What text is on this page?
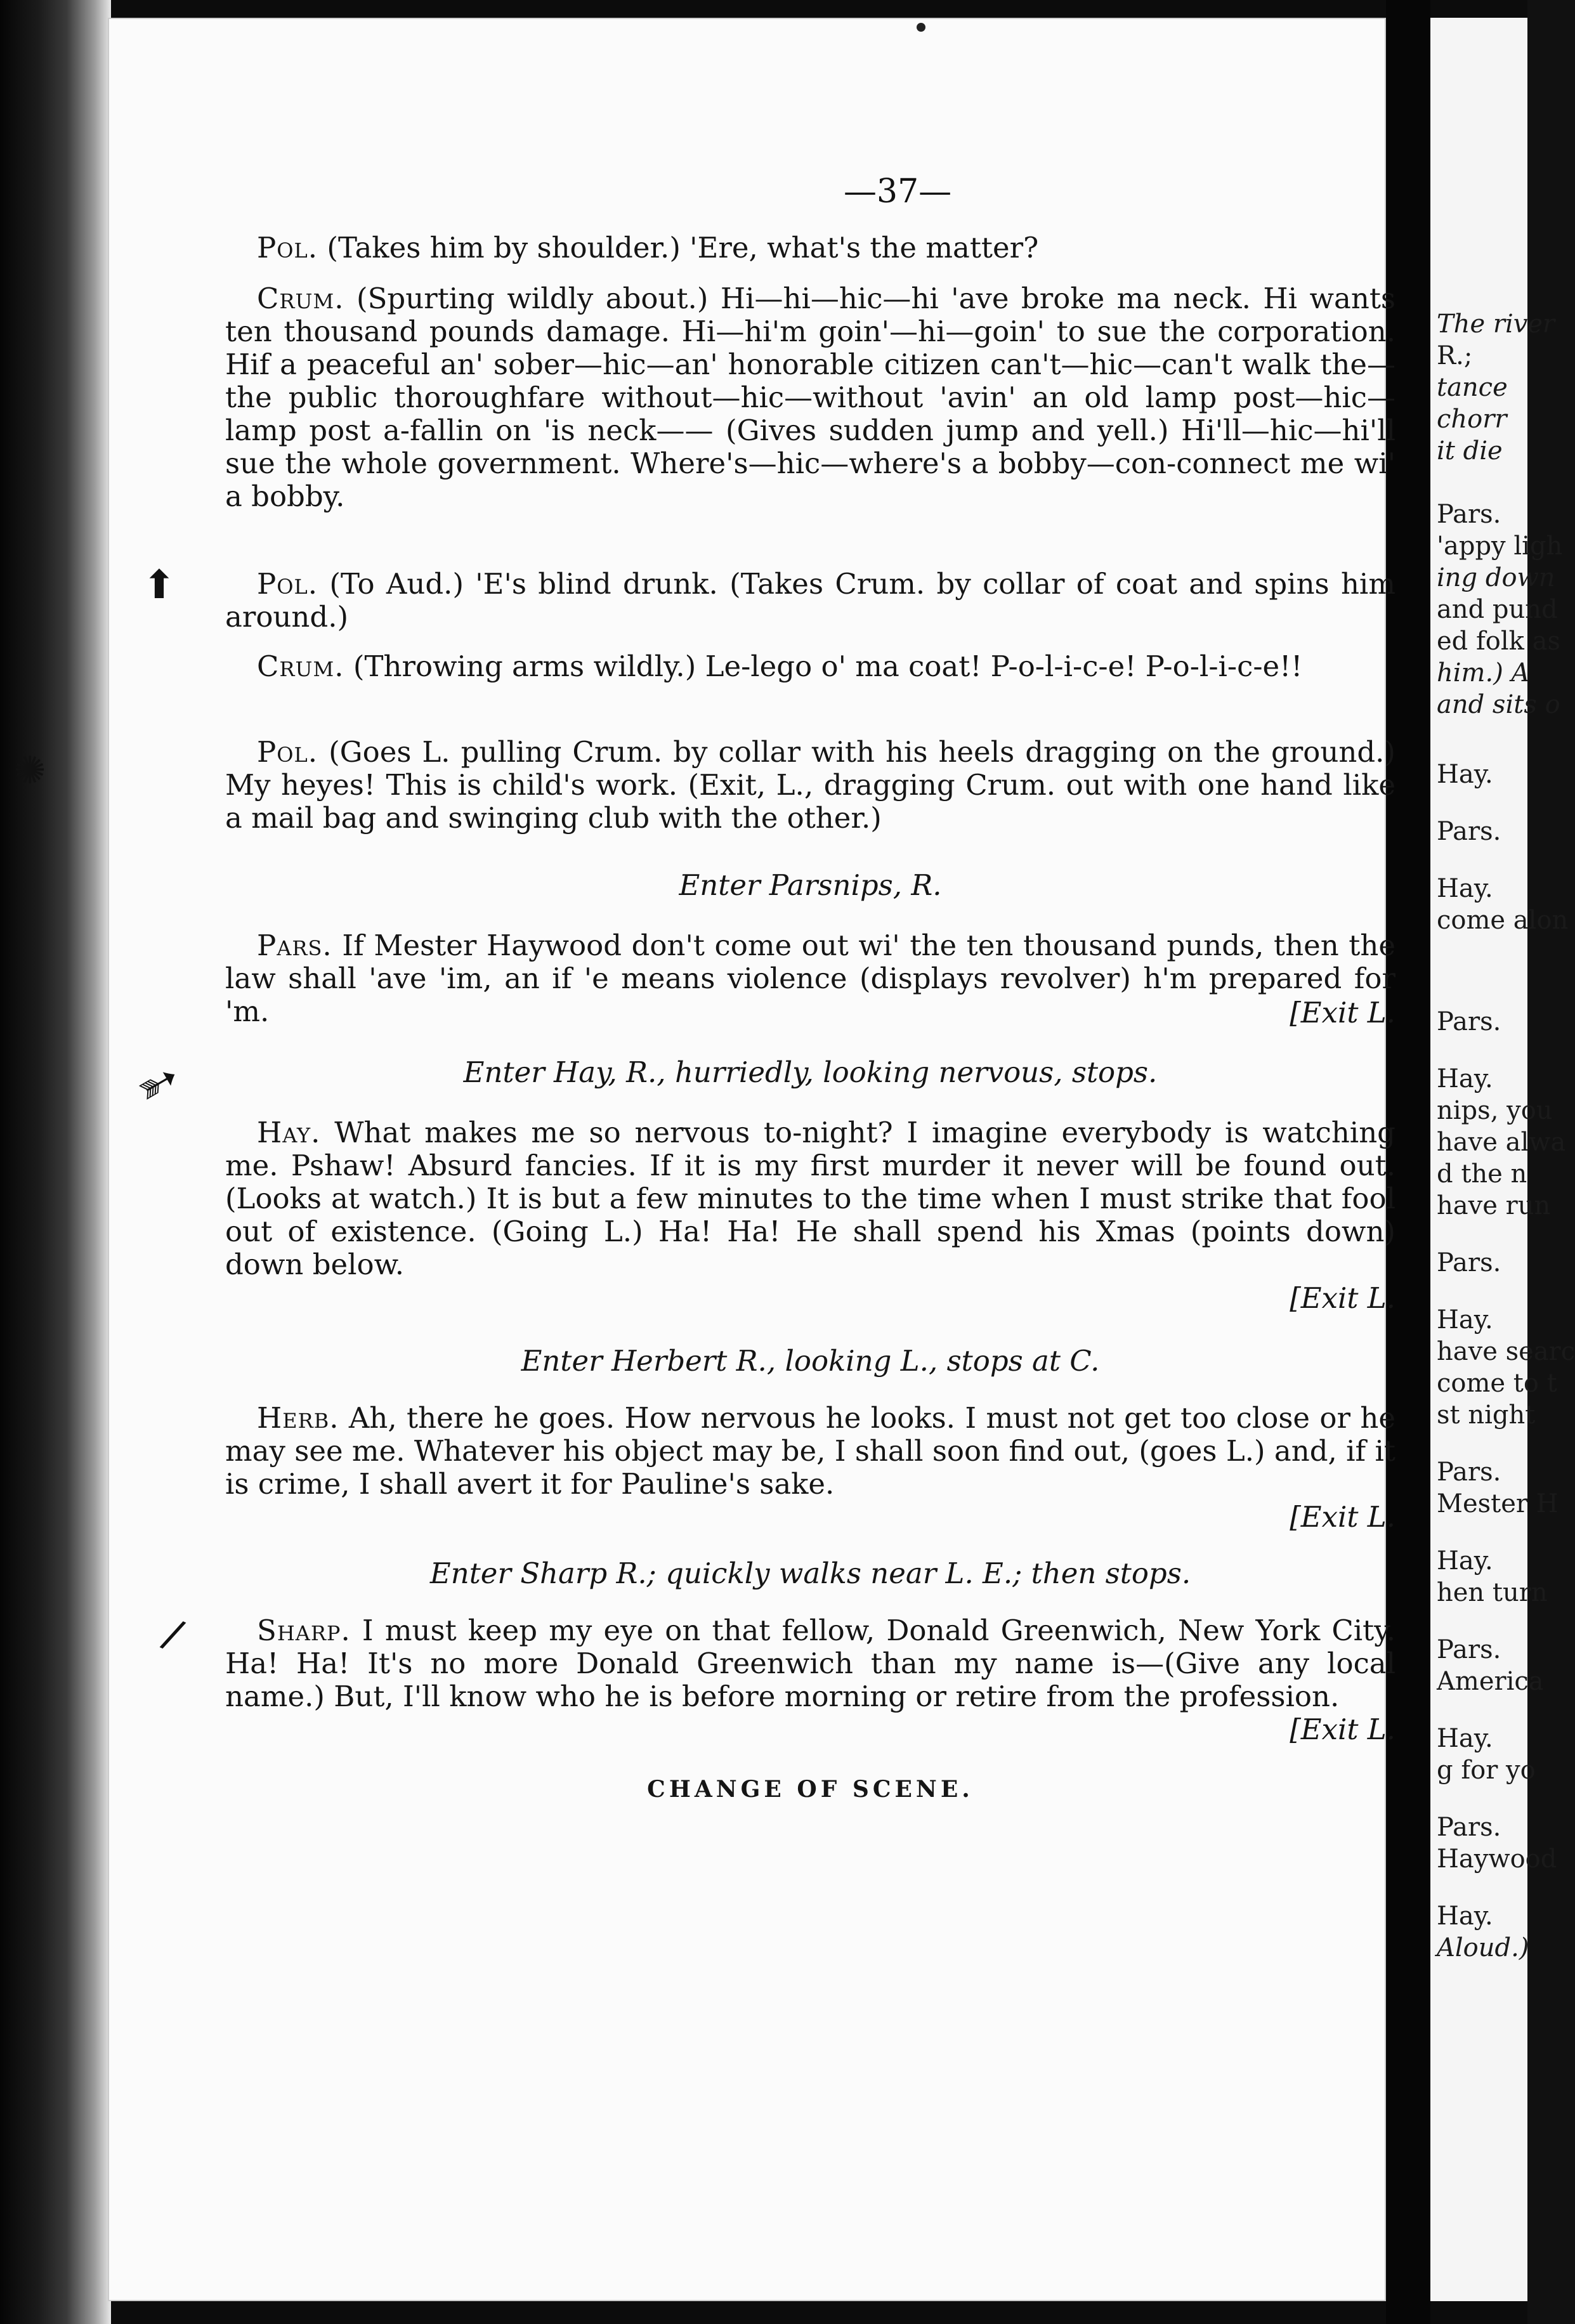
⬆
✺
➳
/
—37—
Pol. (Takes him by shoulder.) 'Ere, what's the matter?
Crum. (Spurting wildly about.) Hi—hi—hic—hi 'ave broke ma neck. Hi wants ten thousand pounds damage. Hi—hi'm goin'—hi—goin' to sue the corporation. Hif a peaceful an' sober—hic—an' honorable citizen can't—hic—can't walk the—the public thoroughfare without—hic—without 'avin' an old lamp post—hic—lamp post a-fallin on 'is neck—— (Gives sudden jump and yell.) Hi'll—hic—hi'll sue the whole government. Where's—hic—where's a bobby—con-connect me wi' a bobby.
Pol. (To Aud.) 'E's blind drunk. (Takes Crum. by collar of coat and spins him around.)
Crum. (Throwing arms wildly.) Le-lego o' ma coat! P-o-l-i-c-e! P-o-l-i-c-e!!
Pol. (Goes L. pulling Crum. by collar with his heels dragging on the ground.) My heyes! This is child's work. (Exit, L., dragging Crum. out with one hand like a mail bag and swinging club with the other.)
Enter Parsnips, R.
Pars. If Mester Haywood don't come out wi' the ten thousand punds, then the law shall 'ave 'im, an if 'e means violence (displays revolver) h'm prepared for 'm.	[Exit L.
Enter Hay, R., hurriedly, looking nervous, stops.
Hay. What makes me so nervous to-night? I imagine everybody is watching me. Pshaw! Absurd fancies. If it is my first murder it never will be found out. (Looks at watch.) It is but a few minutes to the time when I must strike that fool out of existence. (Going L.) Ha! Ha! He shall spend his Xmas (points down) down below.
[Exit L.
Enter Herbert R., looking L., stops at C.
Herb. Ah, there he goes. How nervous he looks. I must not get too close or he may see me. Whatever his object may be, I shall soon find out, (goes L.) and, if it is crime, I shall avert it for Pauline's sake.
[Exit L.
Enter Sharp R.; quickly walks near L. E.; then stops.
Sharp. I must keep my eye on that fellow, Donald Greenwich, New York City. Ha! Ha! It's no more Donald Greenwich than my name is—(Give any local name.) But, I'll know who he is before morning or retire from the profession.
[Exit L.
CHANGE OF SCENE.
The river
R.;
tance
chorr
it die
Pars.
'appy ligh
ing down
and pund
ed folk as
him.) A
and sits o
Hay.
Pars.
Hay.
come alon
Pars.
Hay.
nips, you
have alwa
d the n
have run
Pars.
Hay.
have searc
come to t
st night
Pars.
Mester H
Hay.
hen turn
Pars.
America
Hay.
g for yo
Pars.
Haywood
Hay.
Aloud.)
